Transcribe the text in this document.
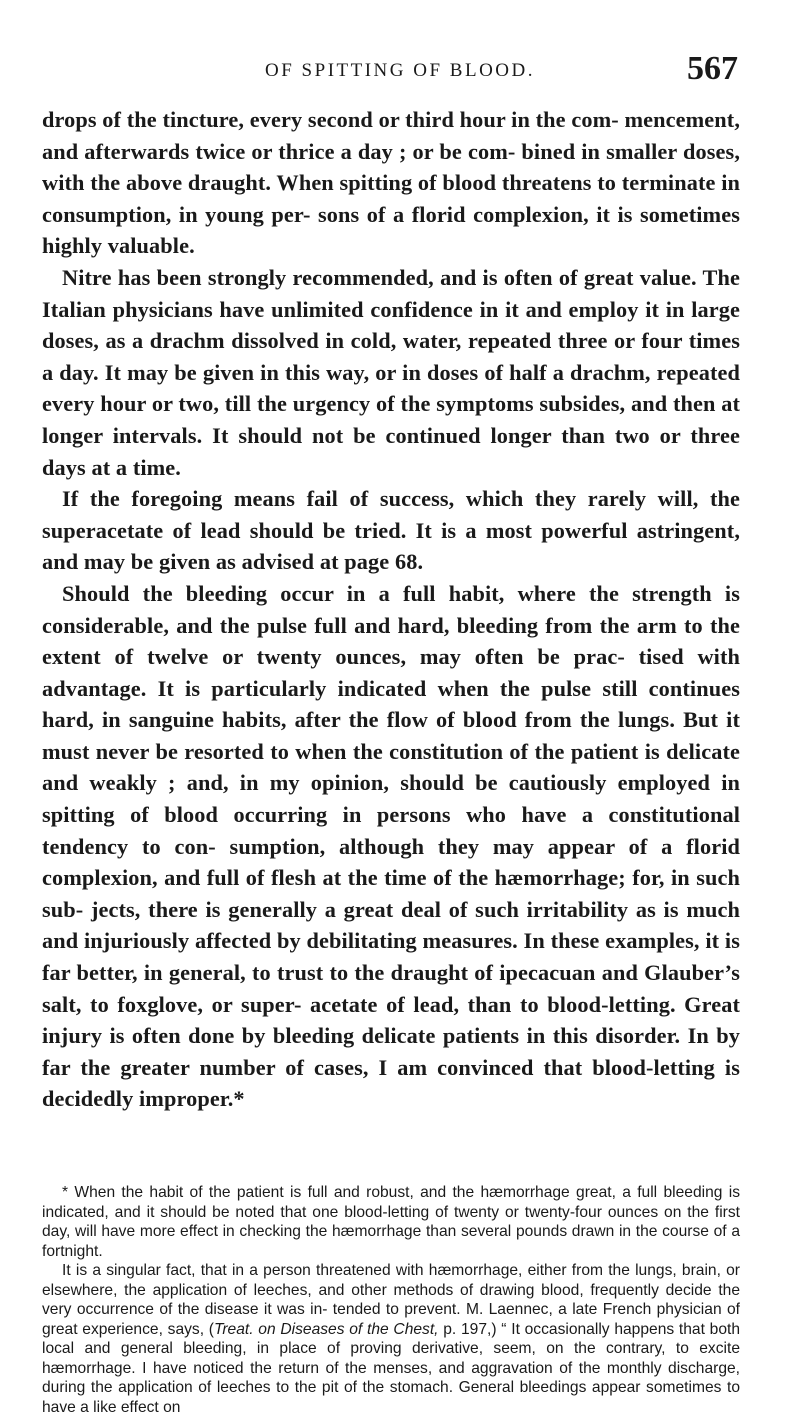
OF SPITTING OF BLOOD.	567

drops of the tincture, every second or third hour in the com- mencement, and afterwards twice or thrice a day ; or be com- bined in smaller doses, with the above draught. When spitting of blood threatens to terminate in consumption, in young per- sons of a florid complexion, it is sometimes highly valuable.

Nitre has been strongly recommended, and is often of great value. The Italian physicians have unlimited confidence in it and employ it in large doses, as a drachm dissolved in cold, water, repeated three or four times a day. It may be given in this way, or in doses of half a drachm, repeated every hour or two, till the urgency of the symptoms subsides, and then at longer intervals. It should not be continued longer than two or three days at a time.

If the foregoing means fail of success, which they rarely will, the superacetate of lead should be tried. It is a most powerful astringent, and may be given as advised at page 68.

Should the bleeding occur in a full habit, where the strength is considerable, and the pulse full and hard, bleeding from the arm to the extent of twelve or twenty ounces, may often be prac- tised with advantage. It is particularly indicated when the pulse still continues hard, in sanguine habits, after the flow of blood from the lungs. But it must never be resorted to when the constitution of the patient is delicate and weakly ; and, in my opinion, should be cautiously employed in spitting of blood occurring in persons who have a constitutional tendency to con- sumption, although they may appear of a florid complexion, and full of flesh at the time of the hæmorrhage; for, in such sub- jects, there is generally a great deal of such irritability as is much and injuriously affected by debilitating measures. In these examples, it is far better, in general, to trust to the draught of ipecacuan and Glauber’s salt, to foxglove, or super- acetate of lead, than to blood-letting. Great injury is often done by bleeding delicate patients in this disorder. In by far the greater number of cases, I am convinced that blood-letting is decidedly improper.*

* When the habit of the patient is full and robust, and the hæmorrhage great, a full bleeding is indicated, and it should be noted that one blood-letting of twenty or twenty-four ounces on the first day, will have more effect in checking the hæmorrhage than several pounds drawn in the course of a fortnight.

It is a singular fact, that in a person threatened with hæmorrhage, either from the lungs, brain, or elsewhere, the application of leeches, and other methods of drawing blood, frequently decide the very occurrence of the disease it was in- tended to prevent. M. Laennec, a late French physician of great experience, says, (Treat. on Diseases of the Chest, p. 197,) “ It occasionally happens that both local and general bleeding, in place of proving derivative, seem, on the contrary, to excite hæmorrhage. I have noticed the return of the menses, and aggravation of the monthly discharge, during the application of leeches to the pit of the stomach. General bleedings appear sometimes to have a like effect on
